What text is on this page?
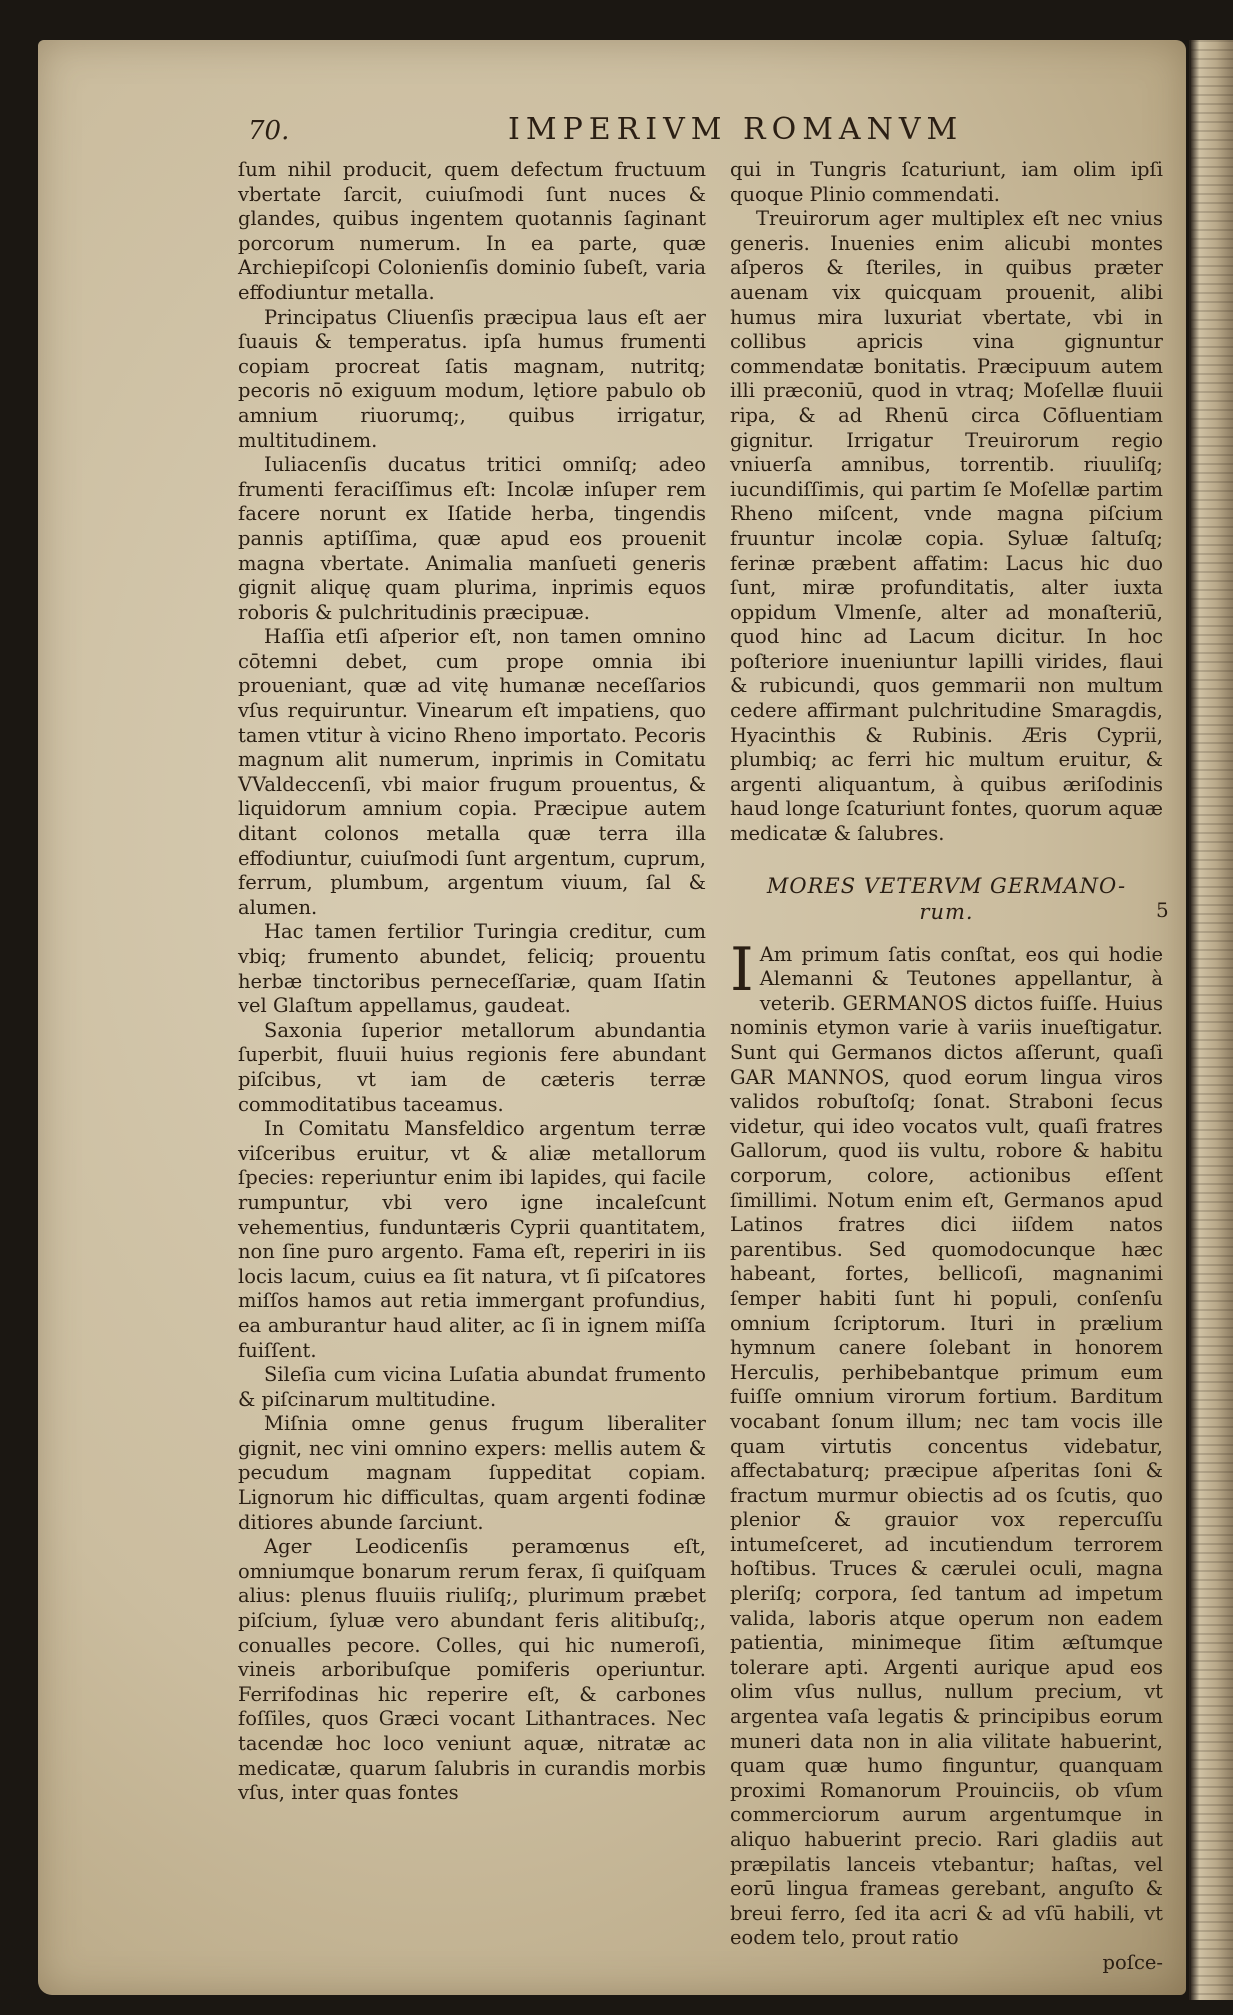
70.	IMPERIVM ROMANVM

ſum nihil producit, quem defectum fructuum vbertate ſarcit, cuiuſmodi ſunt nuces & glandes, quibus ingentem quotannis ſaginant porcorum numerum. In ea parte, quæ Archiepiſcopi Colonienſis dominio ſubeſt, varia effodiuntur metalla.

Principatus Cliuenſis præcipua laus eſt aer ſuauis & temperatus. ipſa humus frumenti copiam procreat ſatis magnam, nutritq; pecoris nō exiguum modum, lętiore pabulo ob amnium riuorumq;, quibus irrigatur, multitudinem.

Iuliacenſis ducatus tritici omniſq; adeo frumenti feraciſſimus eſt: Incolæ inſuper rem facere norunt ex Iſatide herba, tingendis pannis aptiſſima, quæ apud eos prouenit magna vbertate. Animalia manſueti generis gignit aliquę quam plurima, inprimis equos roboris & pulchritudinis præcipuæ.

Haſſia etſi aſperior eſt, non tamen omnino cōtemni debet, cum prope omnia ibi proueniant, quæ ad vitę humanæ neceſſarios vſus requiruntur. Vinearum eſt impatiens, quo tamen vtitur à vicino Rheno importato. Pecoris magnum alit numerum, inprimis in Comitatu VValdeccenſi, vbi maior frugum prouentus, & liquidorum amnium copia. Præcipue autem ditant colonos metalla quæ terra illa effodiuntur, cuiuſmodi ſunt argentum, cuprum, ferrum, plumbum, argentum viuum, ſal & alumen.

Hac tamen fertilior Turingia creditur, cum vbiq; frumento abundet, feliciq; prouentu herbæ tinctoribus perneceſſariæ, quam Iſatin vel Glaſtum appellamus, gaudeat.

Saxonia ſuperior metallorum abundantia ſuperbit, fluuii huius regionis fere abundant piſcibus, vt iam de cæteris terræ commoditatibus taceamus.

In Comitatu Mansfeldico argentum terræ viſceribus eruitur, vt & aliæ metallorum ſpecies: reperiuntur enim ibi lapides, qui facile rumpuntur, vbi vero igne incaleſcunt vehementius, funduntæris Cyprii quantitatem, non ſine puro argento. Fama eſt, reperiri in iis locis lacum, cuius ea ſit natura, vt ſi piſcatores miſſos hamos aut retia immergant profundius, ea amburantur haud aliter, ac ſi in ignem miſſa fuiſſent.

Sileſia cum vicina Luſatia abundat frumento & piſcinarum multitudine.

Miſnia omne genus frugum liberaliter gignit, nec vini omnino expers: mellis autem & pecudum magnam ſuppeditat copiam. Lignorum hic difficultas, quam argenti fodinæ ditiores abunde ſarciunt.

Ager Leodicenſis peramœnus eſt, omniumque bonarum rerum ferax, ſi quiſquam alius: plenus fluuiis riuliſq;, plurimum præbet piſcium, ſyluæ vero abundant feris alitibuſq;, conualles pecore. Colles, qui hic numeroſi, vineis arboribuſque pomiferis operiuntur. Ferrifodinas hic reperire eſt, & carbones foſſiles, quos Græci vocant Lithantraces. Nec tacendæ hoc loco veniunt aquæ, nitratæ ac medicatæ, quarum ſalubris in curandis morbis vſus, inter quas fontes

qui in Tungris ſcaturiunt, iam olim ipſi quoque Plinio commendati.

Treuirorum ager multiplex eſt nec vnius generis. Inuenies enim alicubi montes aſperos & ſteriles, in quibus præter auenam vix quicquam prouenit, alibi humus mira luxuriat vbertate, vbi in collibus apricis vina gignuntur commendatæ bonitatis. Præcipuum autem illi præconiū, quod in vtraq; Moſellæ fluuii ripa, & ad Rhenū circa Cōfluentiam gignitur. Irrigatur Treuirorum regio vniuerſa amnibus, torrentib. riuuliſq; iucundiſſimis, qui partim ſe Moſellæ partim Rheno miſcent, vnde magna piſcium fruuntur incolæ copia. Syluæ ſaltuſq; ferinæ præbent affatim: Lacus hic duo ſunt, miræ profunditatis, alter iuxta oppidum Vlmenſe, alter ad monaſteriū, quod hinc ad Lacum dicitur. In hoc poſteriore inueniuntur lapilli virides, flaui & rubicundi, quos gemmarii non multum cedere affirmant pulchritudine Smaragdis, Hyacinthis & Rubinis. Æris Cyprii, plumbiq; ac ferri hic multum eruitur, & argenti aliquantum, à quibus æriſodinis haud longe ſcaturiunt fontes, quorum aquæ medicatæ & ſalubres.

MORES VETERVM GERMANO-
rum.

I Am primum ſatis conſtat, eos qui hodie Alemanni & Teutones appellantur, à veterib. GERMANOS dictos fuiſſe. Huius nominis etymon varie à variis inueſtigatur. Sunt qui Germanos dictos aſſerunt, quaſi GAR MANNOS, quod eorum lingua viros validos robuſtoſq; ſonat. Straboni ſecus videtur, qui ideo vocatos vult, quaſi fratres Gallorum, quod iis vultu, robore & habitu corporum, colore, actionibus eſſent ſimillimi. Notum enim eſt, Germanos apud Latinos fratres dici iiſdem natos parentibus. Sed quomodocunque hæc habeant, fortes, bellicoſi, magnanimi ſemper habiti ſunt hi populi, conſenſu omnium ſcriptorum. Ituri in prælium hymnum canere ſolebant in honorem Herculis, perhibebantque primum eum fuiſſe omnium virorum fortium. Barditum vocabant ſonum illum; nec tam vocis ille quam virtutis concentus videbatur, affectabaturq; præcipue aſperitas ſoni & fractum murmur obiectis ad os ſcutis, quo plenior & grauior vox repercuſſu intumeſceret, ad incutiendum terrorem hoſtibus. Truces & cærulei oculi, magna pleriſq; corpora, ſed tantum ad impetum valida, laboris atque operum non eadem patientia, minimeque ſitim æſtumque tolerare apti. Argenti aurique apud eos olim vſus nullus, nullum precium, vt argentea vaſa legatis & principibus eorum muneri data non in alia vilitate habuerint, quam quæ humo finguntur, quanquam proximi Romanorum Prouinciis, ob vſum commerciorum aurum argentumque in aliquo habuerint precio. Rari gladiis aut præpilatis lanceis vtebantur; haſtas, vel eorū lingua frameas gerebant, anguſto & breui ferro, ſed ita acri & ad vſū habili, vt eodem telo, prout ratio

poſce-
5
